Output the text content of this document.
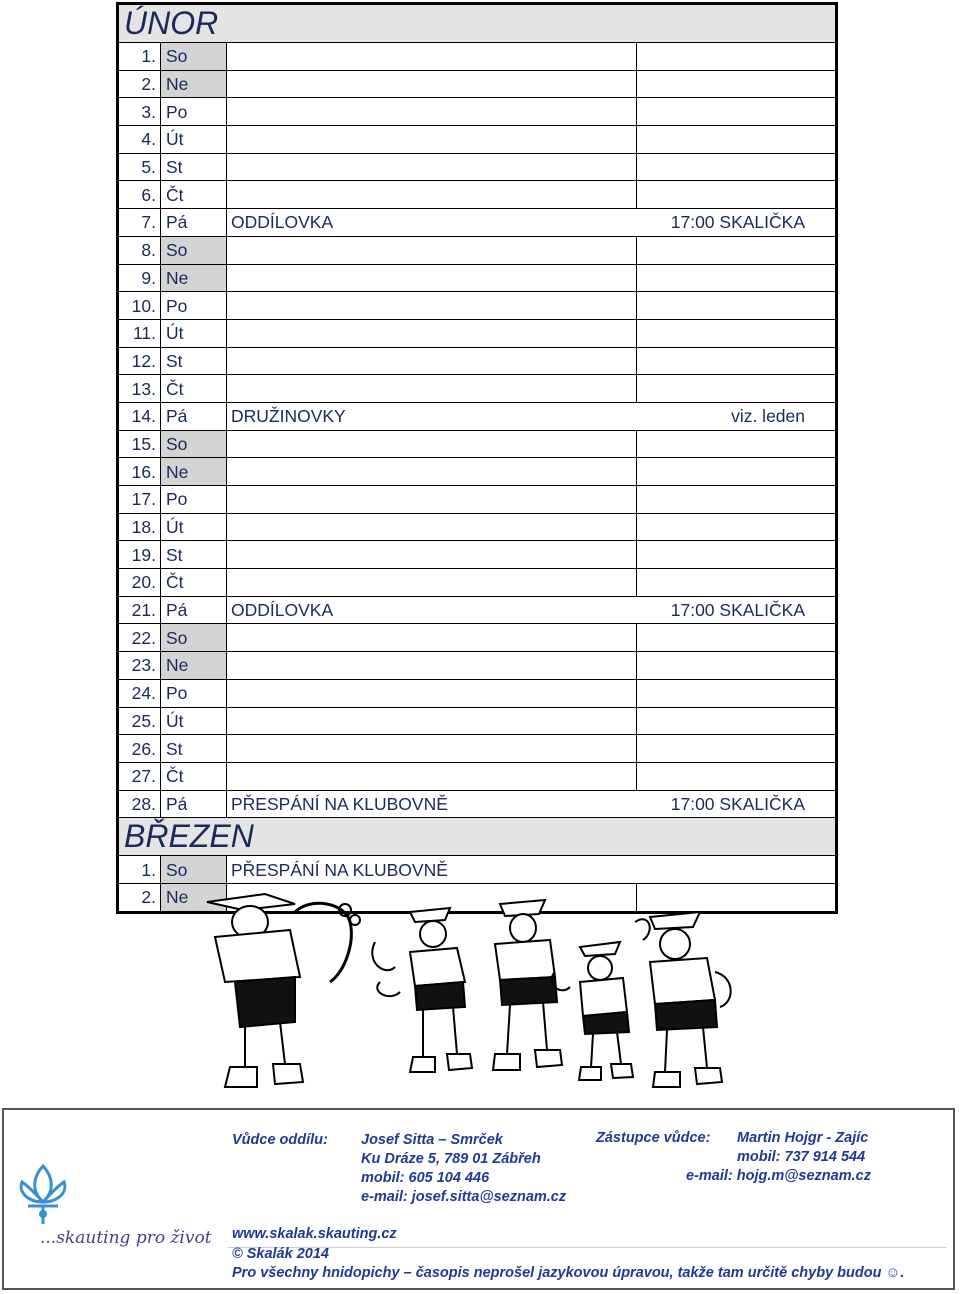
ÚNOR			
1.	So		
2.	Ne		
3.	Po		
4.	Út		
5.	St		
6.	Čt		
7.	Pá	ODDÍLOVKA	17:00 SKALIČKA
8.	So		
9.	Ne		
10.	Po		
11.	Út		
12.	St		
13.	Čt		
14.	Pá	DRUŽINOVKY	viz. leden
15.	So		
16.	Ne		
17.	Po		
18.	Út		
19.	St		
20.	Čt		
21.	Pá	ODDÍLOVKA	17:00 SKALIČKA
22.	So		
23.	Ne		
24.	Po		
25.	Út		
26.	St		
27.	Čt		
28.	Pá	PŘESPÁNÍ NA KLUBOVNĚ	17:00 SKALIČKA
BŘEZEN			
1.	So	PŘESPÁNÍ NA KLUBOVNĚ	
2.	Ne		
...skauting pro život
Vůdce oddílu: Josef Sitta – Smrček
Ku Dráze 5, 789 01 Zábřeh
mobil: 605 104 446
e-mail: josef.sitta@seznam.cz
Zástupce vůdce: Martin Hojgr - Zajíc
mobil: 737 914 544
e-mail: hojg.m@seznam.cz
www.skalak.skauting.cz
© Skalák 2014
Pro všechny hnidopichy – časopis neprošel jazykovou úpravou, takže tam určitě chyby budou ☺.
